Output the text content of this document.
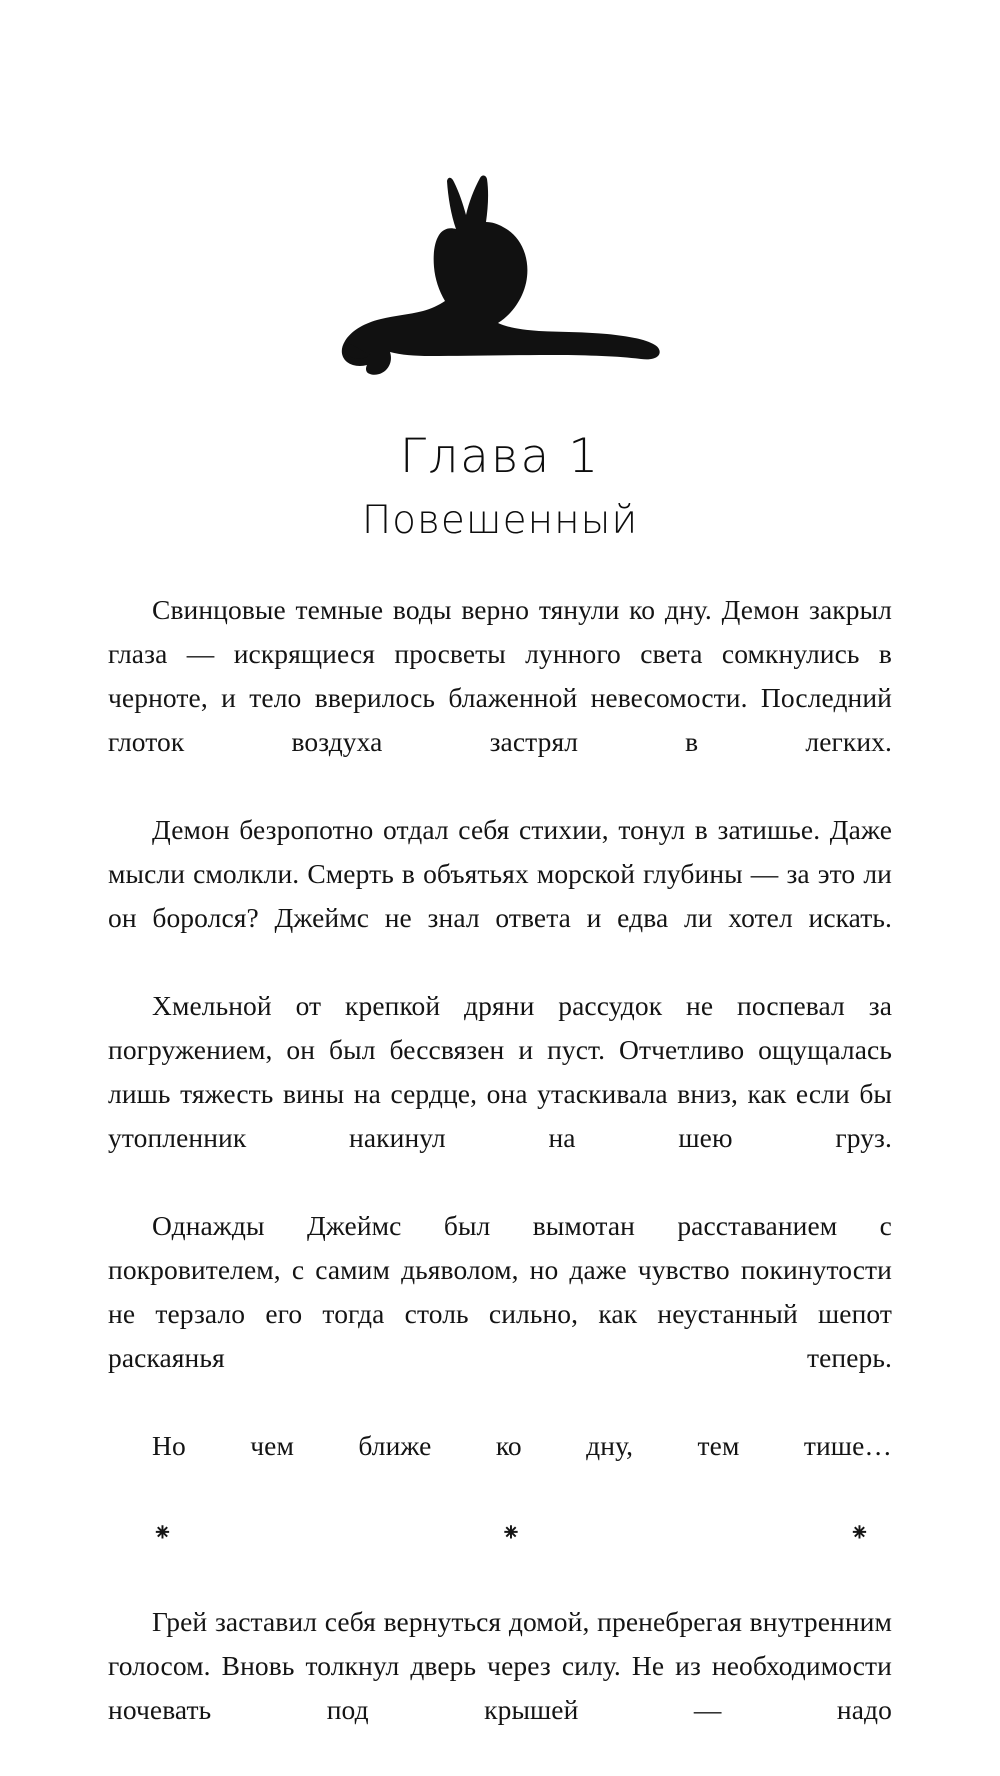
Глава 1
Повешенный

Свинцовые темные воды верно тянули ко дну. Демон закрыл глаза — искрящиеся просветы лунного света сомкнулись в черноте, и тело вверилось блаженной невесомости. Последний глоток воздуха застрял в легких.

Демон безропотно отдал себя стихии, тонул в затишье. Даже мысли смолкли. Смерть в объятьях морской глубины — за это ли он боролся? Джеймс не знал ответа и едва ли хотел искать.

Хмельной от крепкой дряни рассудок не поспевал за погружением, он был бессвязен и пуст. Отчетливо ощущалась лишь тяжесть вины на сердце, она утаскивала вниз, как если бы утопленник накинул на шею груз.

Однажды Джеймс был вымотан расставанием с покровителем, с самим дьяволом, но даже чувство покинутости не терзало его тогда столь сильно, как неустанный шепот раскаянья теперь.

Но чем ближе ко дну, тем тише…

⁕ ⁕ ⁕

Грей заставил себя вернуться домой, пренебрегая внутренним голосом. Вновь толкнул дверь через силу. Не из необходимости ночевать под крышей — надо
